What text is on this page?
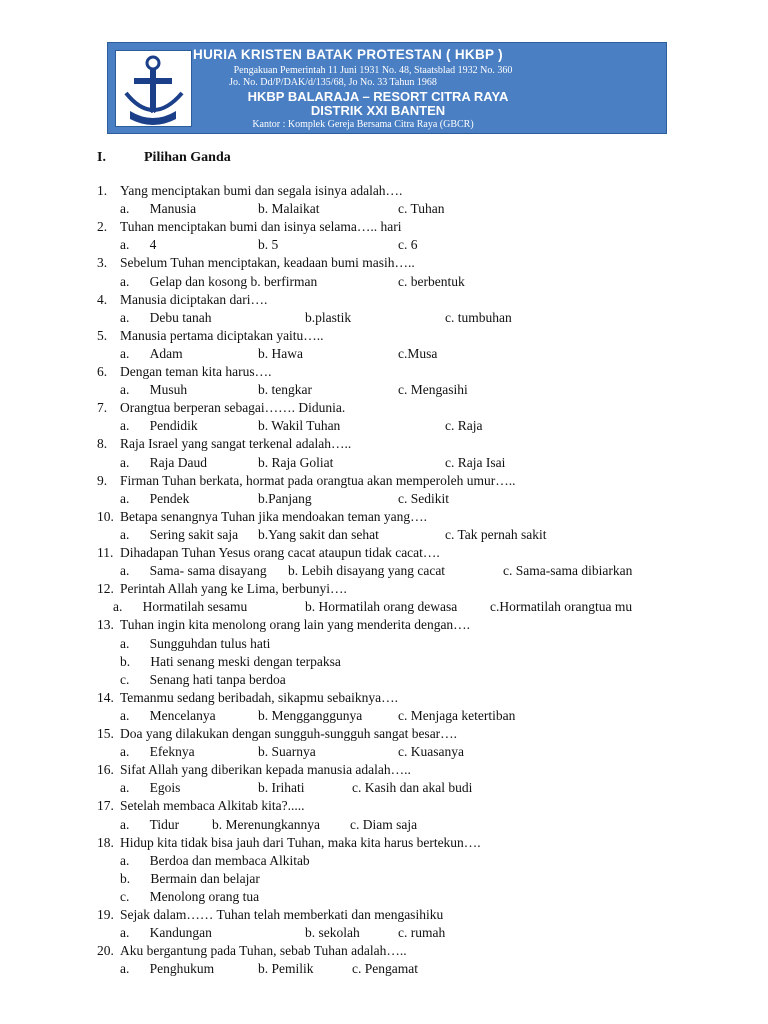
HKBP
HURIA KRISTEN BATAK PROTESTAN ( HKBP )
Pengakuan Pemerintah 11 Juni 1931 No. 48, Staatsblad 1932 No. 360
Jo. No. Dd/P/DAK/d/135/68, Jo No. 33 Tahun 1968
HKBP BALARAJA – RESORT CITRA RAYA
DISTRIK XXI BANTEN
Kantor : Komplek Gereja Bersama Citra Raya (GBCR)
I.	Pilihan Ganda
1. Yang menciptakan bumi dan segala isinya adalah….
a.  Manusia	b. Malaikat	c. Tuhan
2. Tuhan menciptakan bumi dan isinya selama….. hari
a.  4	b. 5	c. 6
3. Sebelum Tuhan menciptakan, keadaan bumi masih…..
a.  Gelap dan kosong b. berfirman	c. berbentuk
4. Manusia diciptakan dari….
a.  Debu tanah	b.plastik	c. tumbuhan
5. Manusia pertama diciptakan yaitu…..
a.  Adam	b. Hawa	c.Musa
6. Dengan teman kita harus….
a.  Musuh	b. tengkar	c. Mengasihi
7. Orangtua berperan sebagai……. Didunia.
a.  Pendidik	b. Wakil Tuhan	c. Raja
8. Raja Israel yang sangat terkenal adalah…..
a.  Raja Daud	b. Raja Goliat	c. Raja Isai
9. Firman Tuhan berkata, hormat pada orangtua akan memperoleh umur…..
a.  Pendek	b.Panjang	c. Sedikit
10. Betapa senangnya Tuhan jika mendoakan teman yang….
a.  Sering sakit saja b.Yang sakit dan sehat	c. Tak pernah sakit
11. Dihadapan Tuhan Yesus orang cacat ataupun tidak cacat….
a.  Sama- sama disayang b. Lebih disayang yang cacat	c. Sama-sama dibiarkan
12. Perintah Allah yang ke Lima, berbunyi….
a.  Hormatilah sesamu	b. Hormatilah orang dewasa c.Hormatilah orangtua mu
13. Tuhan ingin kita menolong orang lain yang menderita dengan….
a.  Sungguhdan tulus hati
b.  Hati senang meski dengan terpaksa
c.  Senang hati tanpa berdoa
14. Temanmu sedang beribadah, sikapmu sebaiknya….
a.  Mencelanya	b. Mengganggunya	c. Menjaga ketertiban
15. Doa yang dilakukan dengan sungguh-sungguh sangat besar….
a.  Efeknya	b. Suarnya	c. Kuasanya
16. Sifat Allah yang diberikan kepada manusia adalah…..
a.  Egois	b. Irihati	c. Kasih dan akal budi
17. Setelah membaca Alkitab kita?.....
a.  Tidur b. Merenungkannya c. Diam saja
18. Hidup kita tidak bisa jauh dari Tuhan, maka kita harus bertekun….
a.  Berdoa dan membaca Alkitab
b.  Bermain dan belajar
c.  Menolong orang tua
19. Sejak dalam…… Tuhan telah memberkati dan mengasihiku
a.  Kandungan	b. sekolah	c. rumah
20. Aku bergantung pada Tuhan, sebab Tuhan adalah…..
a.  Penghukum	b. Pemilik	c. Pengamat
